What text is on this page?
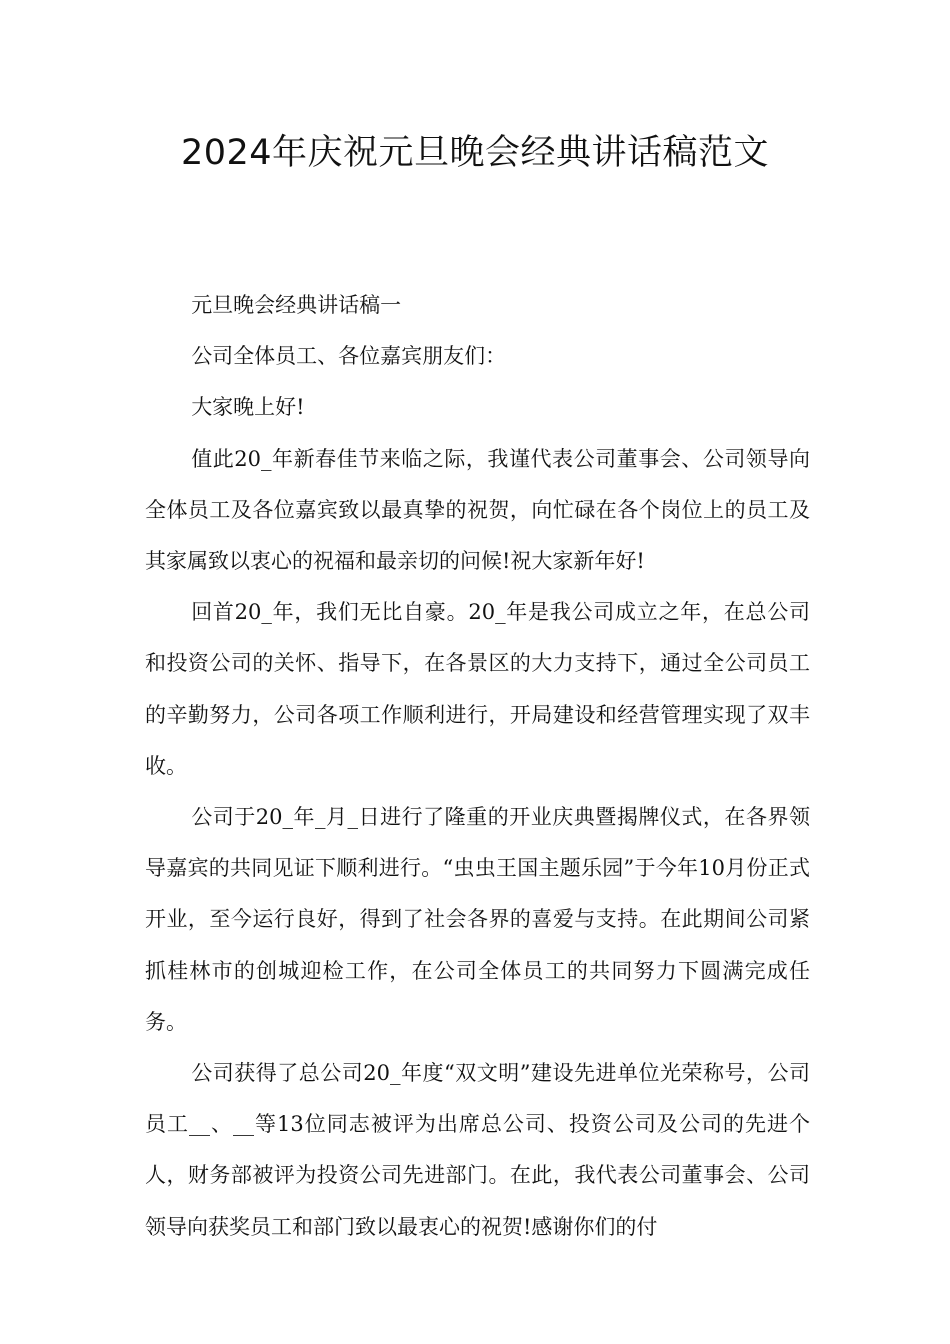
2024年庆祝元旦晚会经典讲话稿范文

元旦晚会经典讲话稿一

公司全体员工、各位嘉宾朋友们：

大家晚上好!

值此20_年新春佳节来临之际，我谨代表公司董事会、公司领导向全体员工及各位嘉宾致以最真挚的祝贺，向忙碌在各个岗位上的员工及其家属致以衷心的祝福和最亲切的问候!祝大家新年好!

回首20_年，我们无比自豪。20_年是我公司成立之年，在总公司和投资公司的关怀、指导下，在各景区的大力支持下，通过全公司员工的辛勤努力，公司各项工作顺利进行，开局建设和经营管理实现了双丰收。

公司于20_年_月_日进行了隆重的开业庆典暨揭牌仪式，在各界领导嘉宾的共同见证下顺利进行。“虫虫王国主题乐园”于今年10月份正式开业，至今运行良好，得到了社会各界的喜爱与支持。在此期间公司紧抓桂林市的创城迎检工作，在公司全体员工的共同努力下圆满完成任务。

公司获得了总公司20_年度“双文明”建设先进单位光荣称号，公司员工__、__等13位同志被评为出席总公司、投资公司及公司的先进个人，财务部被评为投资公司先进部门。在此，我代表公司董事会、公司领导向获奖员工和部门致以最衷心的祝贺!感谢你们的付
